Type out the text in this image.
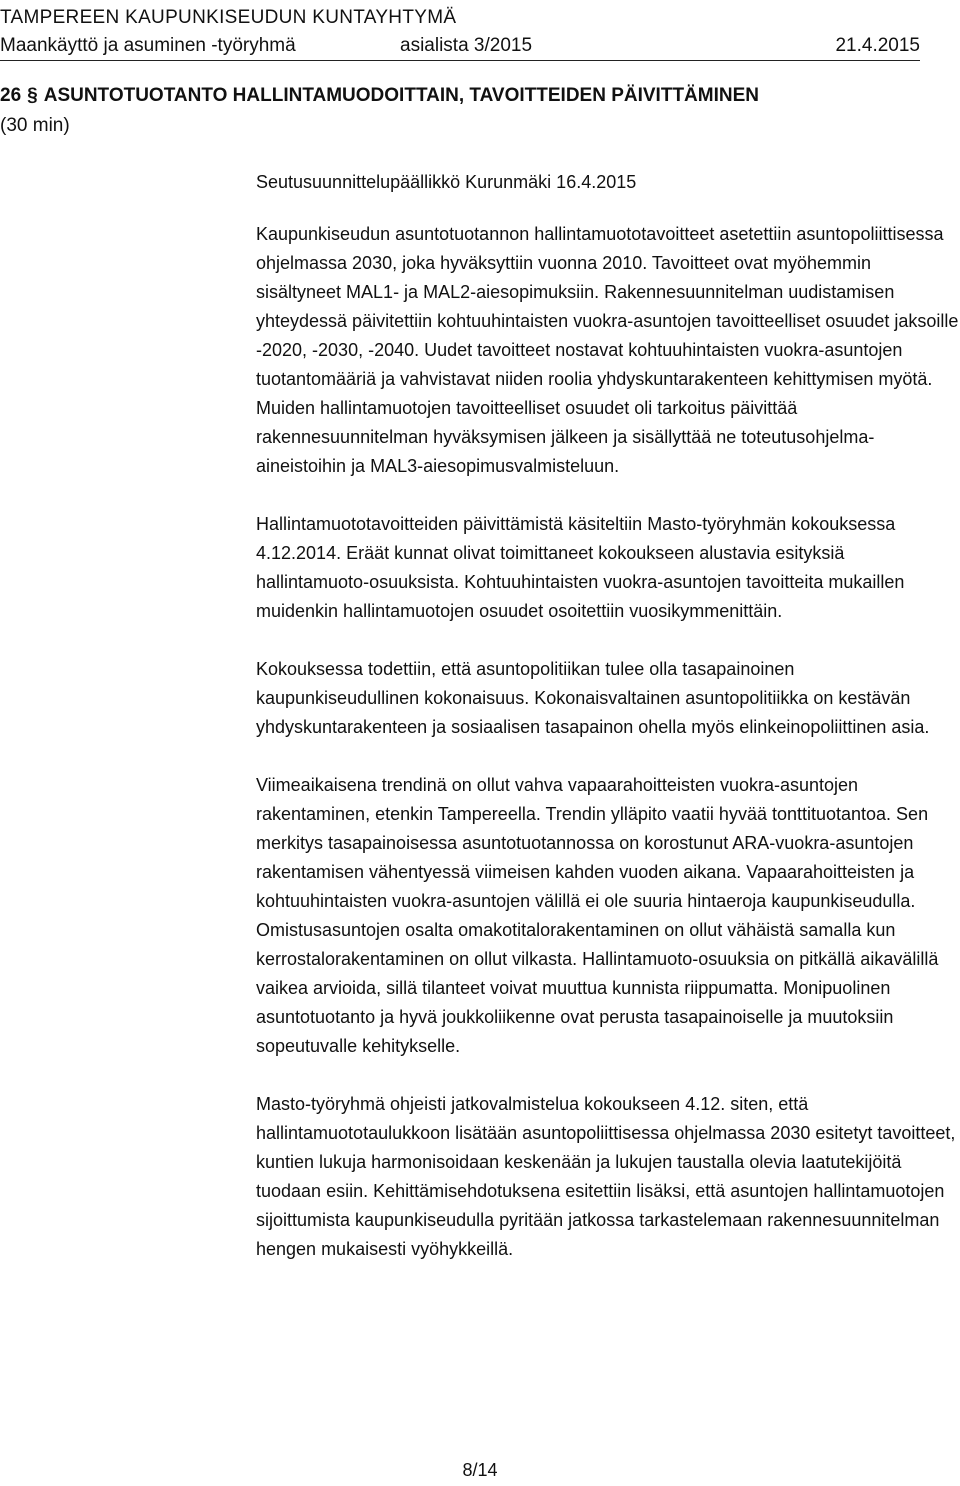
TAMPEREEN KAUPUNKISEUDUN KUNTAYHTYMÄ
Maankäyttö ja asuminen -työryhmä	asialista 3/2015	21.4.2015
26 § ASUNTOTUOTANTO HALLINTAMUODOITTAIN, TAVOITTEIDEN PÄIVITTÄMINEN
(30 min)

Seutusuunnittelupäällikkö Kurunmäki 16.4.2015

Kaupunkiseudun asuntotuotannon hallintamuototavoitteet asetettiin asuntopoliittisessa ohjelmassa 2030, joka hyväksyttiin vuonna 2010. Tavoitteet ovat myöhemmin sisältyneet MAL1- ja MAL2-aiesopimuksiin. Rakennesuunnitelman uudistamisen yhteydessä päivitettiin kohtuuhintaisten vuokra-asuntojen tavoitteelliset osuudet jaksoille -2020, -2030, -2040. Uudet tavoitteet nostavat kohtuuhintaisten vuokra-asuntojen tuotantomääriä ja vahvistavat niiden roolia yhdyskuntarakenteen kehittymisen myötä. Muiden hallintamuotojen tavoitteelliset osuudet oli tarkoitus päivittää rakennesuunnitelman hyväksymisen jälkeen ja sisällyttää ne toteutusohjelma-aineistoihin ja MAL3-aiesopimusvalmisteluun.

Hallintamuototavoitteiden päivittämistä käsiteltiin Masto-työryhmän kokouksessa 4.12.2014. Eräät kunnat olivat toimittaneet kokoukseen alustavia esityksiä hallintamuoto-osuuksista. Kohtuuhintaisten vuokra-asuntojen tavoitteita mukaillen muidenkin hallintamuotojen osuudet osoitettiin vuosikymmenittäin.

Kokouksessa todettiin, että asuntopolitiikan tulee olla tasapainoinen kaupunkiseudullinen kokonaisuus. Kokonaisvaltainen asuntopolitiikka on kestävän yhdyskuntarakenteen ja sosiaalisen tasapainon ohella myös elinkeinopoliittinen asia.

Viimeaikaisena trendinä on ollut vahva vapaarahoitteisten vuokra-asuntojen rakentaminen, etenkin Tampereella. Trendin ylläpito vaatii hyvää tonttituotantoa. Sen merkitys tasapainoisessa asuntotuotannossa on korostunut ARA-vuokra-asuntojen rakentamisen vähentyessä viimeisen kahden vuoden aikana. Vapaarahoitteisten ja kohtuuhintaisten vuokra-asuntojen välillä ei ole suuria hintaeroja kaupunkiseudulla. Omistusasuntojen osalta omakotitalorakentaminen on ollut vähäistä samalla kun kerrostalorakentaminen on ollut vilkasta. Hallintamuoto-osuuksia on pitkällä aikavälillä vaikea arvioida, sillä tilanteet voivat muuttua kunnista riippumatta. Monipuolinen asuntotuotanto ja hyvä joukkoliikenne ovat perusta tasapainoiselle ja muutoksiin sopeutuvalle kehitykselle.

Masto-työryhmä ohjeisti jatkovalmistelua kokoukseen 4.12. siten, että hallintamuototaulukkoon lisätään asuntopoliittisessa ohjelmassa 2030 esitetyt tavoitteet, kuntien lukuja harmonisoidaan keskenään ja lukujen taustalla olevia laatutekijöitä tuodaan esiin. Kehittämisehdotuksena esitettiin lisäksi, että asuntojen hallintamuotojen sijoittumista kaupunkiseudulla pyritään jatkossa tarkastelemaan rakennesuunnitelman hengen mukaisesti vyöhykkeillä.

8/14
